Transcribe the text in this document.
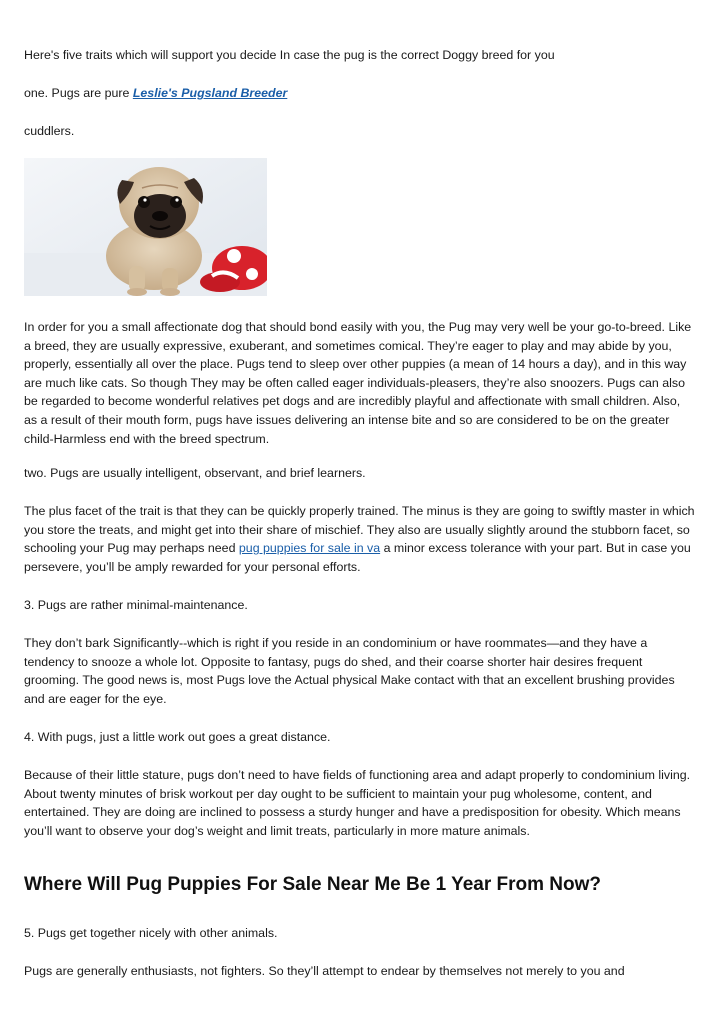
Here's five traits which will support you decide In case the pug is the correct Doggy breed for you

one. Pugs are pure Leslie's Pugsland Breeder

cuddlers.

In order for you a small affectionate dog that should bond easily with you, the Pug may very well be your go-to-breed. Like a breed, they are usually expressive, exuberant, and sometimes comical. They’re eager to play and may abide by you, properly, essentially all over the place. Pugs tend to sleep over other puppies (a mean of 14 hours a day), and in this way are much like cats. So though They may be often called eager individuals-pleasers, they’re also snoozers. Pugs can also be regarded to become wonderful relatives pet dogs and are incredibly playful and affectionate with small children. Also, as a result of their mouth form, pugs have issues delivering an intense bite and so are considered to be on the greater child-Harmless end with the breed spectrum.

two. Pugs are usually intelligent, observant, and brief learners.

The plus facet of the trait is that they can be quickly properly trained. The minus is they are going to swiftly master in which you store the treats, and might get into their share of mischief. They also are usually slightly around the stubborn facet, so schooling your Pug may perhaps need pug puppies for sale in va a minor excess tolerance with your part. But in case you persevere, you’ll be amply rewarded for your personal efforts.

3. Pugs are rather minimal-maintenance.

They don’t bark Significantly--which is right if you reside in an condominium or have roommates—and they have a tendency to snooze a whole lot. Opposite to fantasy, pugs do shed, and their coarse shorter hair desires frequent grooming. The good news is, most Pugs love the Actual physical Make contact with that an excellent brushing provides and are eager for the eye.

4. With pugs, just a little work out goes a great distance.

Because of their little stature, pugs don’t need to have fields of functioning area and adapt properly to condominium living. About twenty minutes of brisk workout per day ought to be sufficient to maintain your pug wholesome, content, and entertained. They are doing are inclined to possess a sturdy hunger and have a predisposition for obesity. Which means you’ll want to observe your dog’s weight and limit treats, particularly in more mature animals.

Where Will Pug Puppies For Sale Near Me Be 1 Year From Now?

5. Pugs get together nicely with other animals.

Pugs are generally enthusiasts, not fighters. So they’ll attempt to endear by themselves not merely to you and
